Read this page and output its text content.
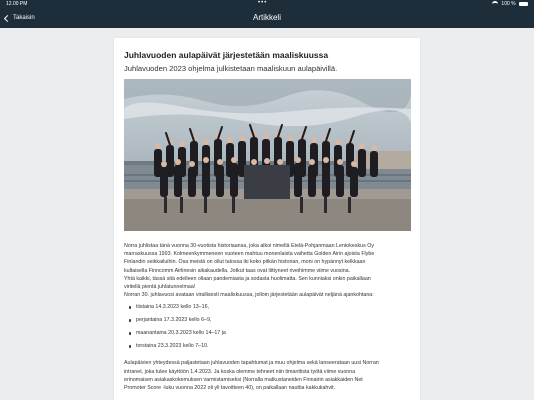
12.00 PM	•••	100 %
Takaisin	Artikkeli
Juhlavuoden aulapäivät järjestetään maaliskuussa
Juhlavuoden 2023 ohjelma julkistetaan maaliskuun aulapäivillä.

Norra juhlistaa tänä vuonna 30-vuotista historiaansa, joka alkoi nimellä Etelä-Pohjanmaan Lentokeskus Oy
marraskuussa 1993. Kolmeenkymmeneen vuoteen mahtuu monenlaista vaihetta Golden Airin ajoista Flybe
Finlandin seikkailuihin. Osa meistä on ollut talossa iki koko pitkän historian, moni on hypännyt kelkkaan
kultaisella Finncomm Airlinesin aikakaudella. Jotkut taas ovat liittyneet riveihimme viime vuosina.
Yhtä kaikki, tässä sitä edelleen ollaan pandemiasta ja sodasta huolimatta. Sen kunniaksi onkin paikallaan
viritellä pientä juhlatunnelmaa!
Norran 30. juhlavuosi avataan virallisesti maaliskuussa, jolloin järjestetään aulapäivät neljänä ajankohtana:

tiistaina 14.3.2023 kello 13–16,
perjantaina 17.3.2023 kello 6–9,
maanantaina 20.3.2023 kello 14–17 ja
torstaina 23.3.2023 kello 7–10.

Aulapäivien yhteydessä paljastetaan juhlavuoden tapahtumat ja muu ohjelma sekä lanseerataan uusi Norran
intranet, joka tulee käyttöön 1.4.2023. Ja koska olemme tehneet niin timanttista työtä viime vuonna
erinomaisen asiakaskokemuksen varmistamiseksi (Norralla matkustaneiden Finnairin asiakkaiden Net
Promoter Score -luku vuonna 2022 oli yli tavoitteen 40), on paikallaan nauttia kakkukahvit.
